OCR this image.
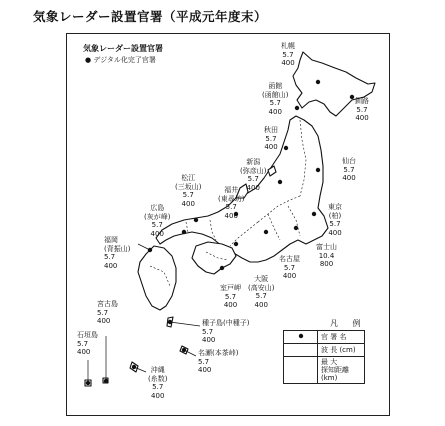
気象レーダー設置官署（平成元年度末）
気象レーダー設置官署
● デジタル化完了官署
札幌
5.7
400
函館
(函館山)
5.7
400
釧路
5.7
400
秋田
5.7
400
仙台
5.7
400
新潟
(弥彦山)
5.7
400
東京
(柏)
5.7
400
富士山
10.4
800
名古屋
5.7
400
松江
(三坂山)
5.7
400
福井
(東尋坊)
5.7
400
広島
(灰が峰)
5.7
400
福岡
(背振山)
5.7
400
大阪
(高安山)
5.7
400
室戸岬
5.7
400
宮古島
5.7
400
石垣島
5.7
400
種子島(中種子)
5.7
400
名瀬(本茶峠)
5.7
400
沖縄
(糸数)
5.7
400
凡 例
	官 署 名
	波 長 (cm)

	最 大
探知距離 (km)
